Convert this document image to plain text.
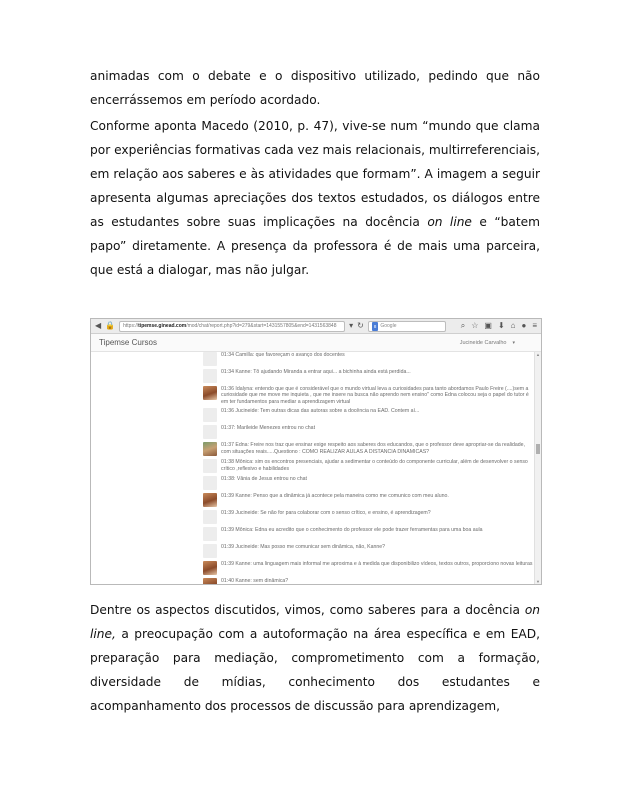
animadas com o debate e o dispositivo utilizado, pedindo que não encerrássemos em período acordado.

Conforme aponta Macedo (2010, p. 47), vive-se num “mundo que clama por experiências formativas cada vez mais relacionais, multirreferenciais, em relação aos saberes e às atividades que formam”. A imagem a seguir apresenta algumas apreciações dos textos estudados, os diálogos entre as estudantes sobre suas implicações na docência on line e “batem papo” diretamente. A presença da professora é de mais uma parceira, que está a dialogar, mas não julgar.

◀ 🔒 https:// tipemse.ginead.com /mod/chat/report.php?id=279&start=1431557805&end=1431563848 ▾ ↻	8 Google	⌕ ☆ ▣ ⬇ ⌂ ● ≡
Tipemse Cursos	Jucineide Carvalho ▾
01:34 Camilla: que favoreçam o avanço dos docentes
01:34 Kanne: Tô ajudando Miranda a entrar aqui... a bichinha ainda está perdida...
01:36 Idalyna: entendo que que é considerável que o mundo virtual leva a curiosidades para tanto abordamos Paulo Freire (....)sem a curiosidade que me move me inquieta , que me insere na busca não aprendo nem ensino" como Edna colocou seja o papel do tutor é em ter fundamentos para mediar a aprendizagem virtual
01:36 Jucineide: Tem outras dicas das autoras sobre a docência na EAD. Contem aí...
01:37: Marileide Menezes entrou no chat
01:37 Edna: Freire nos traz que ensinar exige respeito aos saberes dos educandos, que o professor deve apropriar-se da realidade, com situações reais.....Questiono : COMO REALIZAR AULAS A DISTANCIA DINAMICAS?
01:38 Mônica: sim os encontros presenciais, ajudar a sedimentar o conteúdo do componente curricular, além de desenvolver o senso crítico ,reflexivo e habilidades
01:38: Vânia de Jesus entrou no chat
01:39 Kanne: Penso que a dinâmica já acontece pela maneira como me comunico com meu aluno.
01:39 Jucineide: Se não for para colaborar com o senso crítico, e ensino, é aprendizagem?
01:39 Mônica: Edna eu acredito que o conhecimento do professor ele pode trazer ferramentas para uma boa aula
01:39 Jucineide: Mas posso me comunicar sem dinâmica, não, Kanne?
01:39 Kanne: uma linguagem mais informal me aproxima e à medida que disponibilizo vídeos, textos outros, proporciono novas leituras
01:40 Kanne: sem dinâmica?
▲
▼

Dentre os aspectos discutidos, vimos, como saberes para a docência on line, a preocupação com a autoformação na área específica e em EAD, preparação para mediação, comprometimento com a formação, diversidade de mídias, conhecimento dos estudantes e acompanhamento dos processos de discussão para aprendizagem,
